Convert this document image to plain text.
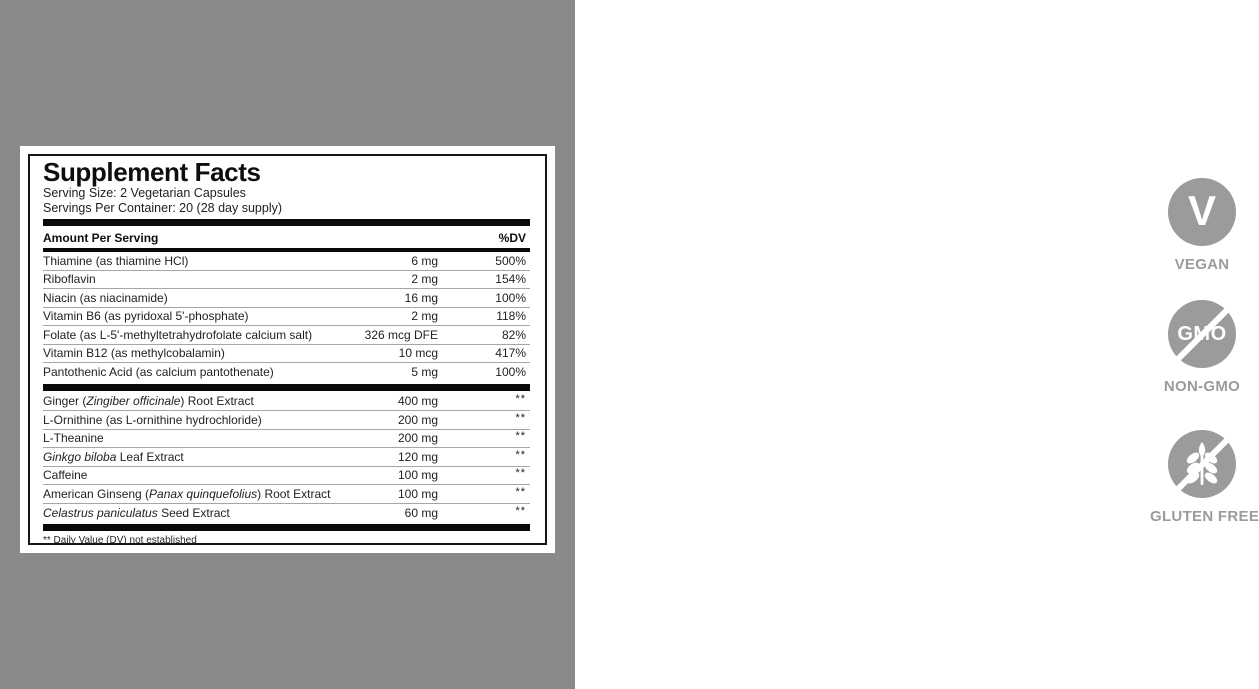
V
VEGAN
GMO
NON-GMO
GLUTEN FREE
Supplement Facts
Serving Size: 2 Vegetarian Capsules
Servings Per Container: 20 (28 day supply)
Amount Per Serving	%DV
Thiamine (as thiamine HCl)	6 mg	500%
Riboflavin	2 mg	154%
Niacin (as niacinamide)	16 mg	100%
Vitamin B6 (as pyridoxal 5'-phosphate)	2 mg	118%
Folate (as L-5'-methyltetrahydrofolate calcium salt)	326 mcg DFE	82%
Vitamin B12 (as methylcobalamin)	10 mcg	417%
Pantothenic Acid (as calcium pantothenate)	5 mg	100%
Ginger (Zingiber officinale) Root Extract	400 mg	**
L-Ornithine (as L-ornithine hydrochloride)	200 mg	**
L-Theanine	200 mg	**
Ginkgo biloba Leaf Extract	120 mg	**
Caffeine	100 mg	**
American Ginseng (Panax quinquefolius) Root Extract	100 mg	**
Celastrus paniculatus Seed Extract	60 mg	**
** Daily Value (DV) not established
